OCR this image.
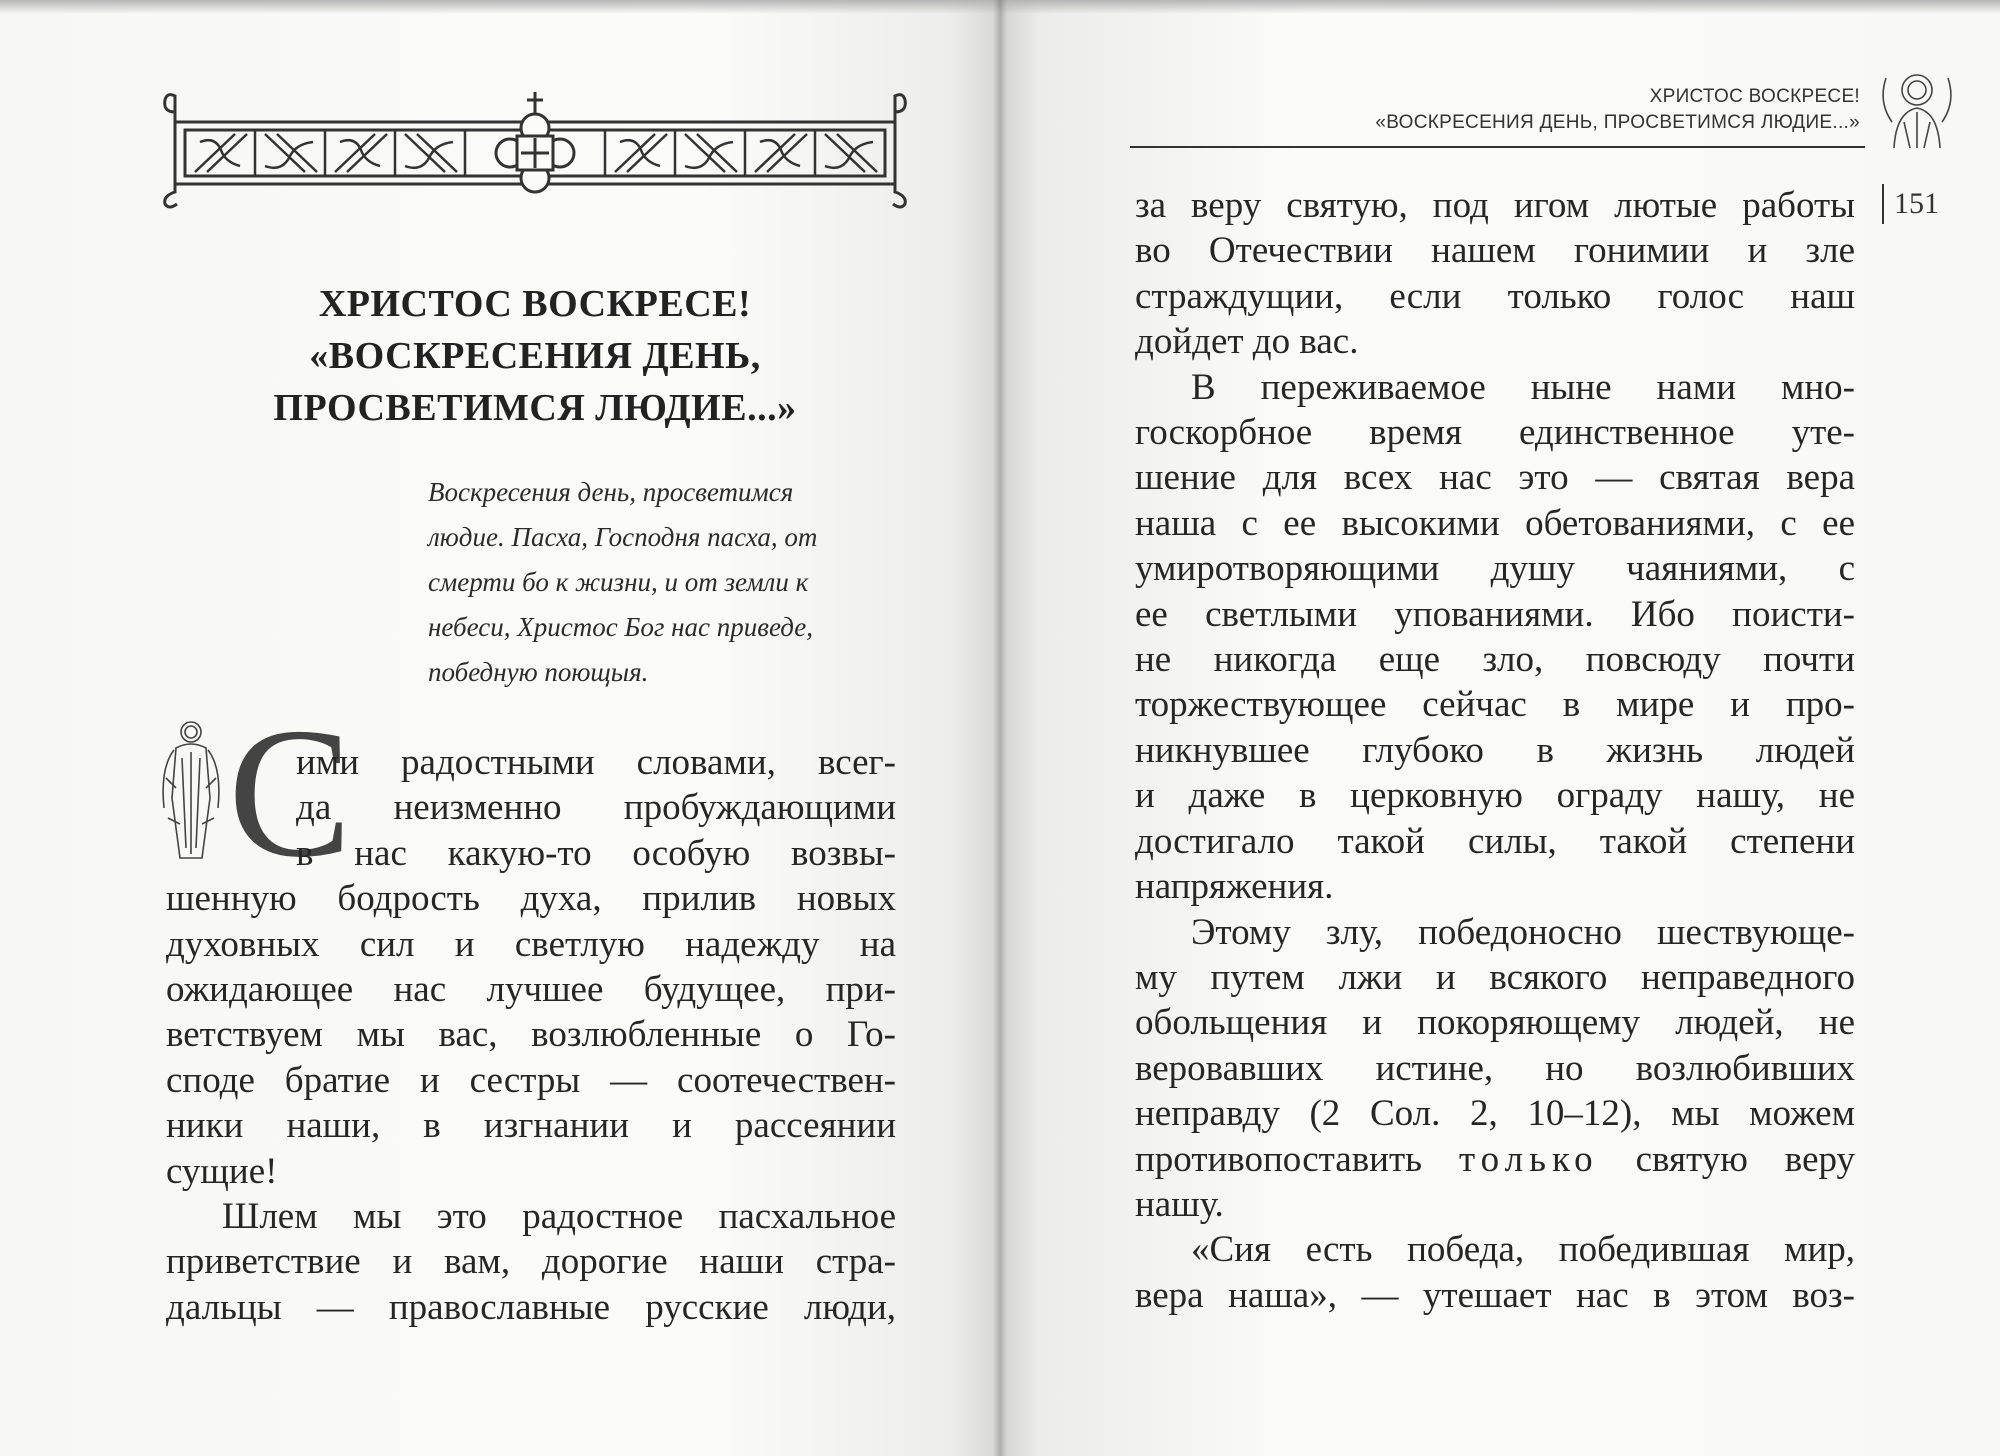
ХРИСТОС ВОСКРЕСЕ!
«ВОСКРЕСЕНИЯ ДЕНЬ,
ПРОСВЕТИМСЯ ЛЮДИЕ...»
Воскресения день, просветимся
людие. Пасха, Господня пасха, от
смерти бо к жизни, и от земли к
небеси, Христос Бог нас приведе,
победную поющыя.
С
ими радостными словами, всег-
да неизменно пробуждающими
в нас какую-то особую возвы-
шенную бодрость духа, прилив новых
духовных сил и светлую надежду на
ожидающее нас лучшее будущее, при-
ветствуем мы вас, возлюбленные о Го-
споде братие и сестры — соотечествен-
ники наши, в изгнании и рассеянии
сущие!
Шлем мы это радостное пасхальное
приветствие и вам, дорогие наши стра-
дальцы — православные русские люди,
ХРИСТОС ВОСКРЕСЕ!
«ВОСКРЕСЕНИЯ ДЕНЬ, ПРОСВЕТИМСЯ ЛЮДИЕ...»
151
за веру святую, под игом лютые работы
во Отечествии нашем гонимии и зле
страждущии, если только голос наш
дойдет до вас.
В переживаемое ныне нами мно-
госкорбное время единственное уте-
шение для всех нас это — святая вера
наша с ее высокими обетованиями, с ее
умиротворяющими душу чаяниями, с
ее светлыми упованиями. Ибо поисти-
не никогда еще зло, повсюду почти
торжествующее сейчас в мире и про-
никнувшее глубоко в жизнь людей
и даже в церковную ограду нашу, не
достигало такой силы, такой степени
напряжения.
Этому злу, победоносно шествующе-
му путем лжи и всякого неправедного
обольщения и покоряющему людей, не
веровавших истине, но возлюбивших
неправду (2 Сол. 2, 10–12), мы можем
противопоставить только святую веру
нашу.
«Сия есть победа, победившая мир,
вера наша», — утешает нас в этом воз-
